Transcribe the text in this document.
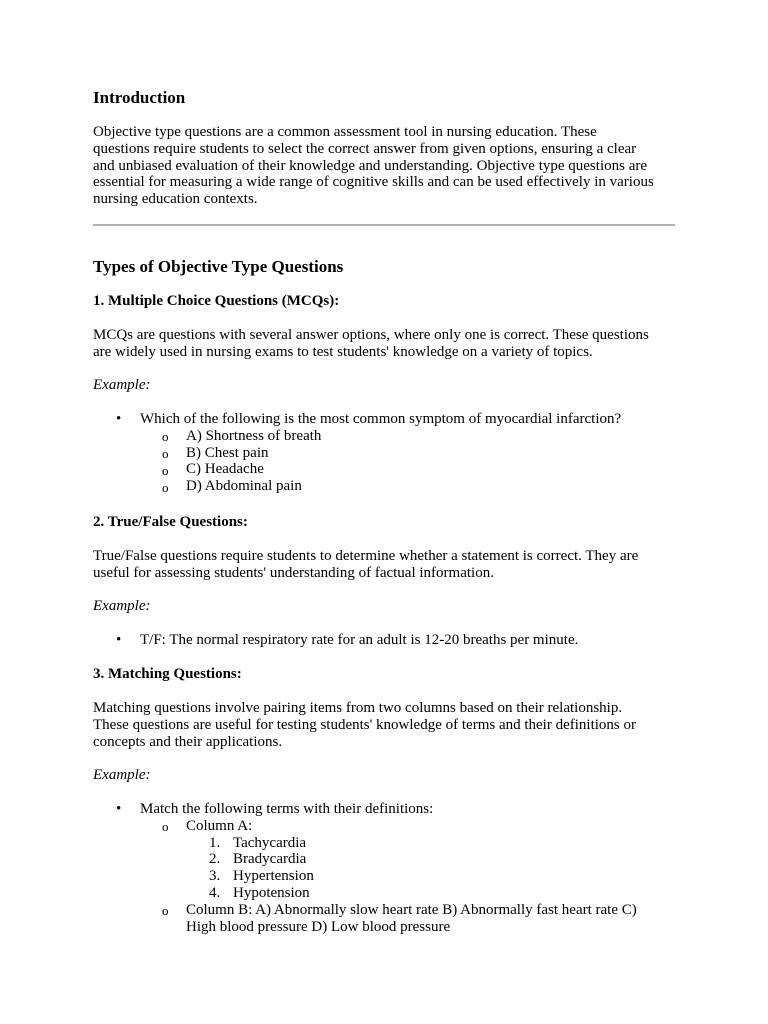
Introduction

Objective type questions are a common assessment tool in nursing education. These

questions require students to select the correct answer from given options, ensuring a clear

and unbiased evaluation of their knowledge and understanding. Objective type questions are

essential for measuring a wide range of cognitive skills and can be used effectively in various

nursing education contexts.

Types of Objective Type Questions
1. Multiple Choice Questions (MCQs):

MCQs are questions with several answer options, where only one is correct. These questions

are widely used in nursing exams to test students' knowledge on a variety of topics.

Example:

• Which of the following is the most common symptom of myocardial infarction?
o A) Shortness of breath
o B) Chest pain
o C) Headache
o D) Abdominal pain
2. True/False Questions:

True/False questions require students to determine whether a statement is correct. They are

useful for assessing students' understanding of factual information.

Example:

• T/F: The normal respiratory rate for an adult is 12-20 breaths per minute.
3. Matching Questions:

Matching questions involve pairing items from two columns based on their relationship.

These questions are useful for testing students' knowledge of terms and their definitions or

concepts and their applications.

Example:

• Match the following terms with their definitions:
o Column A:
1. Tachycardia
2. Bradycardia
3. Hypertension
4. Hypotension
o Column B: A) Abnormally slow heart rate B) Abnormally fast heart rate C)
High blood pressure D) Low blood pressure
